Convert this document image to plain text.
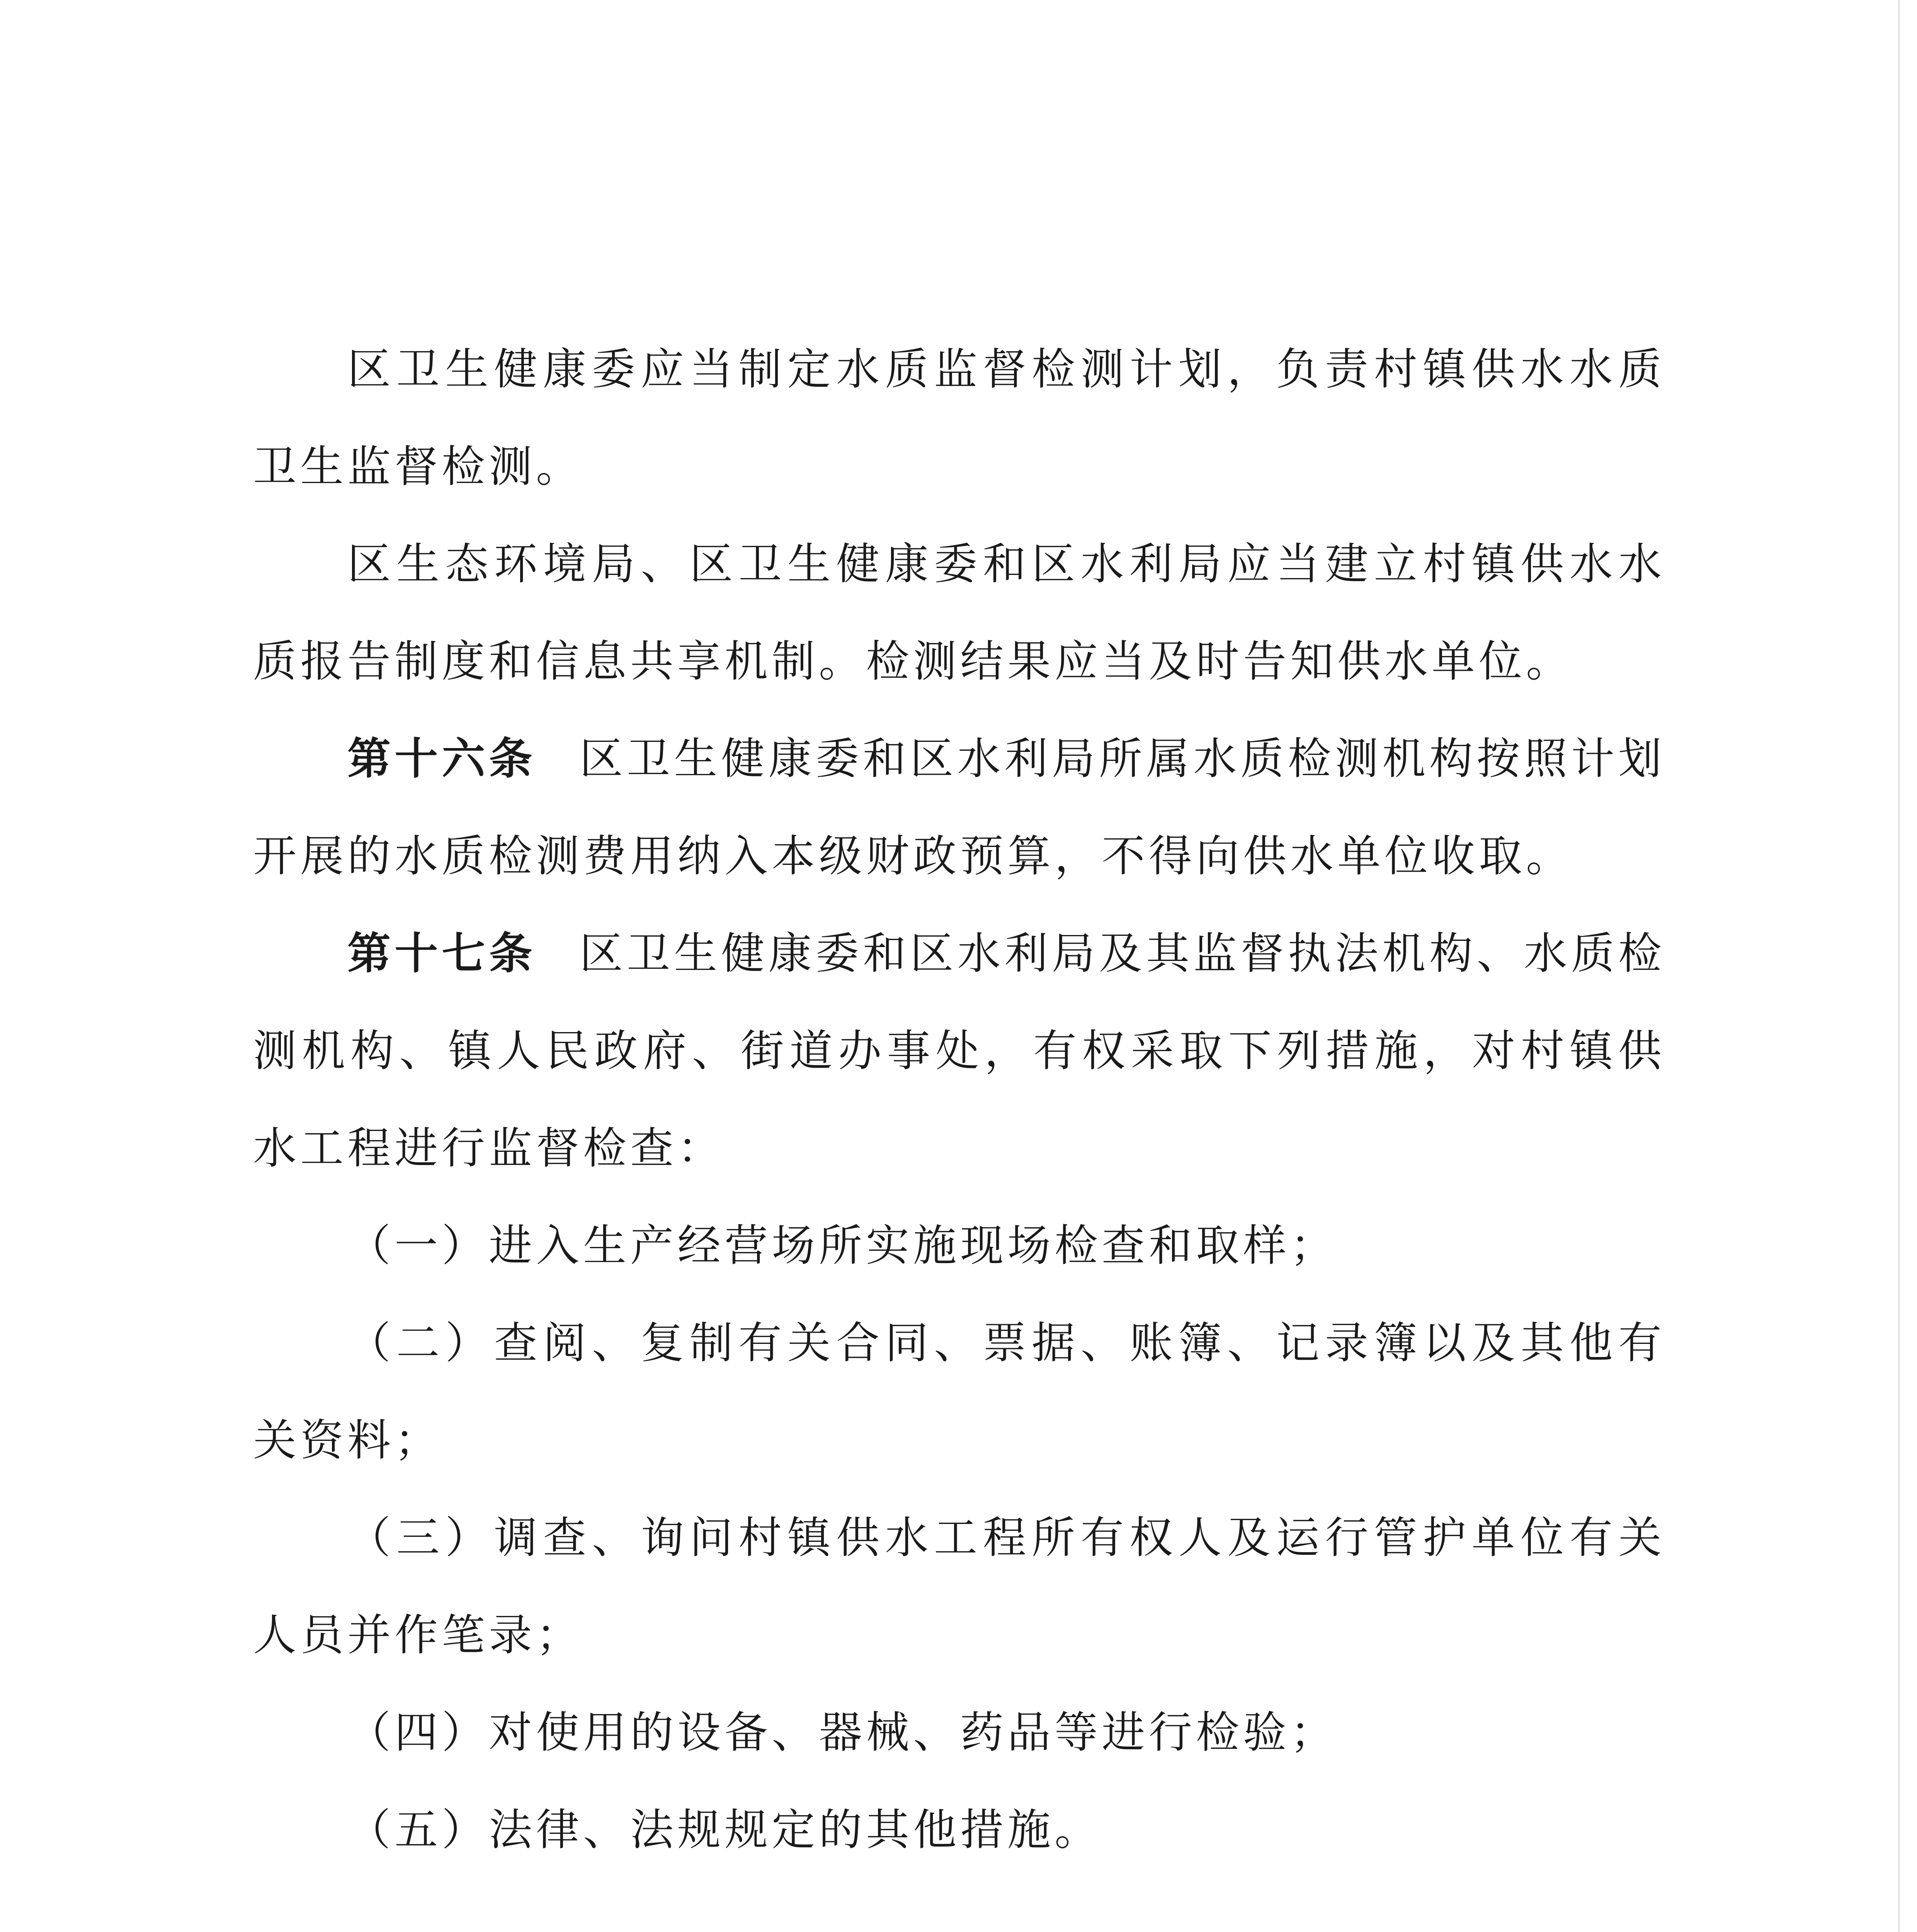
区卫生健康委应当制定水质监督检测计划，负责村镇供水水质卫生监督检测。

区生态环境局、区卫生健康委和区水利局应当建立村镇供水水质报告制度和信息共享机制。检测结果应当及时告知供水单位。

第十六条 区卫生健康委和区水利局所属水质检测机构按照计划开展的水质检测费用纳入本级财政预算，不得向供水单位收取。

第十七条 区卫生健康委和区水利局及其监督执法机构、水质检测机构、镇人民政府、街道办事处，有权采取下列措施，对村镇供水工程进行监督检查：

（一）进入生产经营场所实施现场检查和取样；

（二）查阅、复制有关合同、票据、账簿、记录簿以及其他有关资料；

（三）调查、询问村镇供水工程所有权人及运行管护单位有关人员并作笔录；

（四）对使用的设备、器械、药品等进行检验；

（五）法律、法规规定的其他措施。
